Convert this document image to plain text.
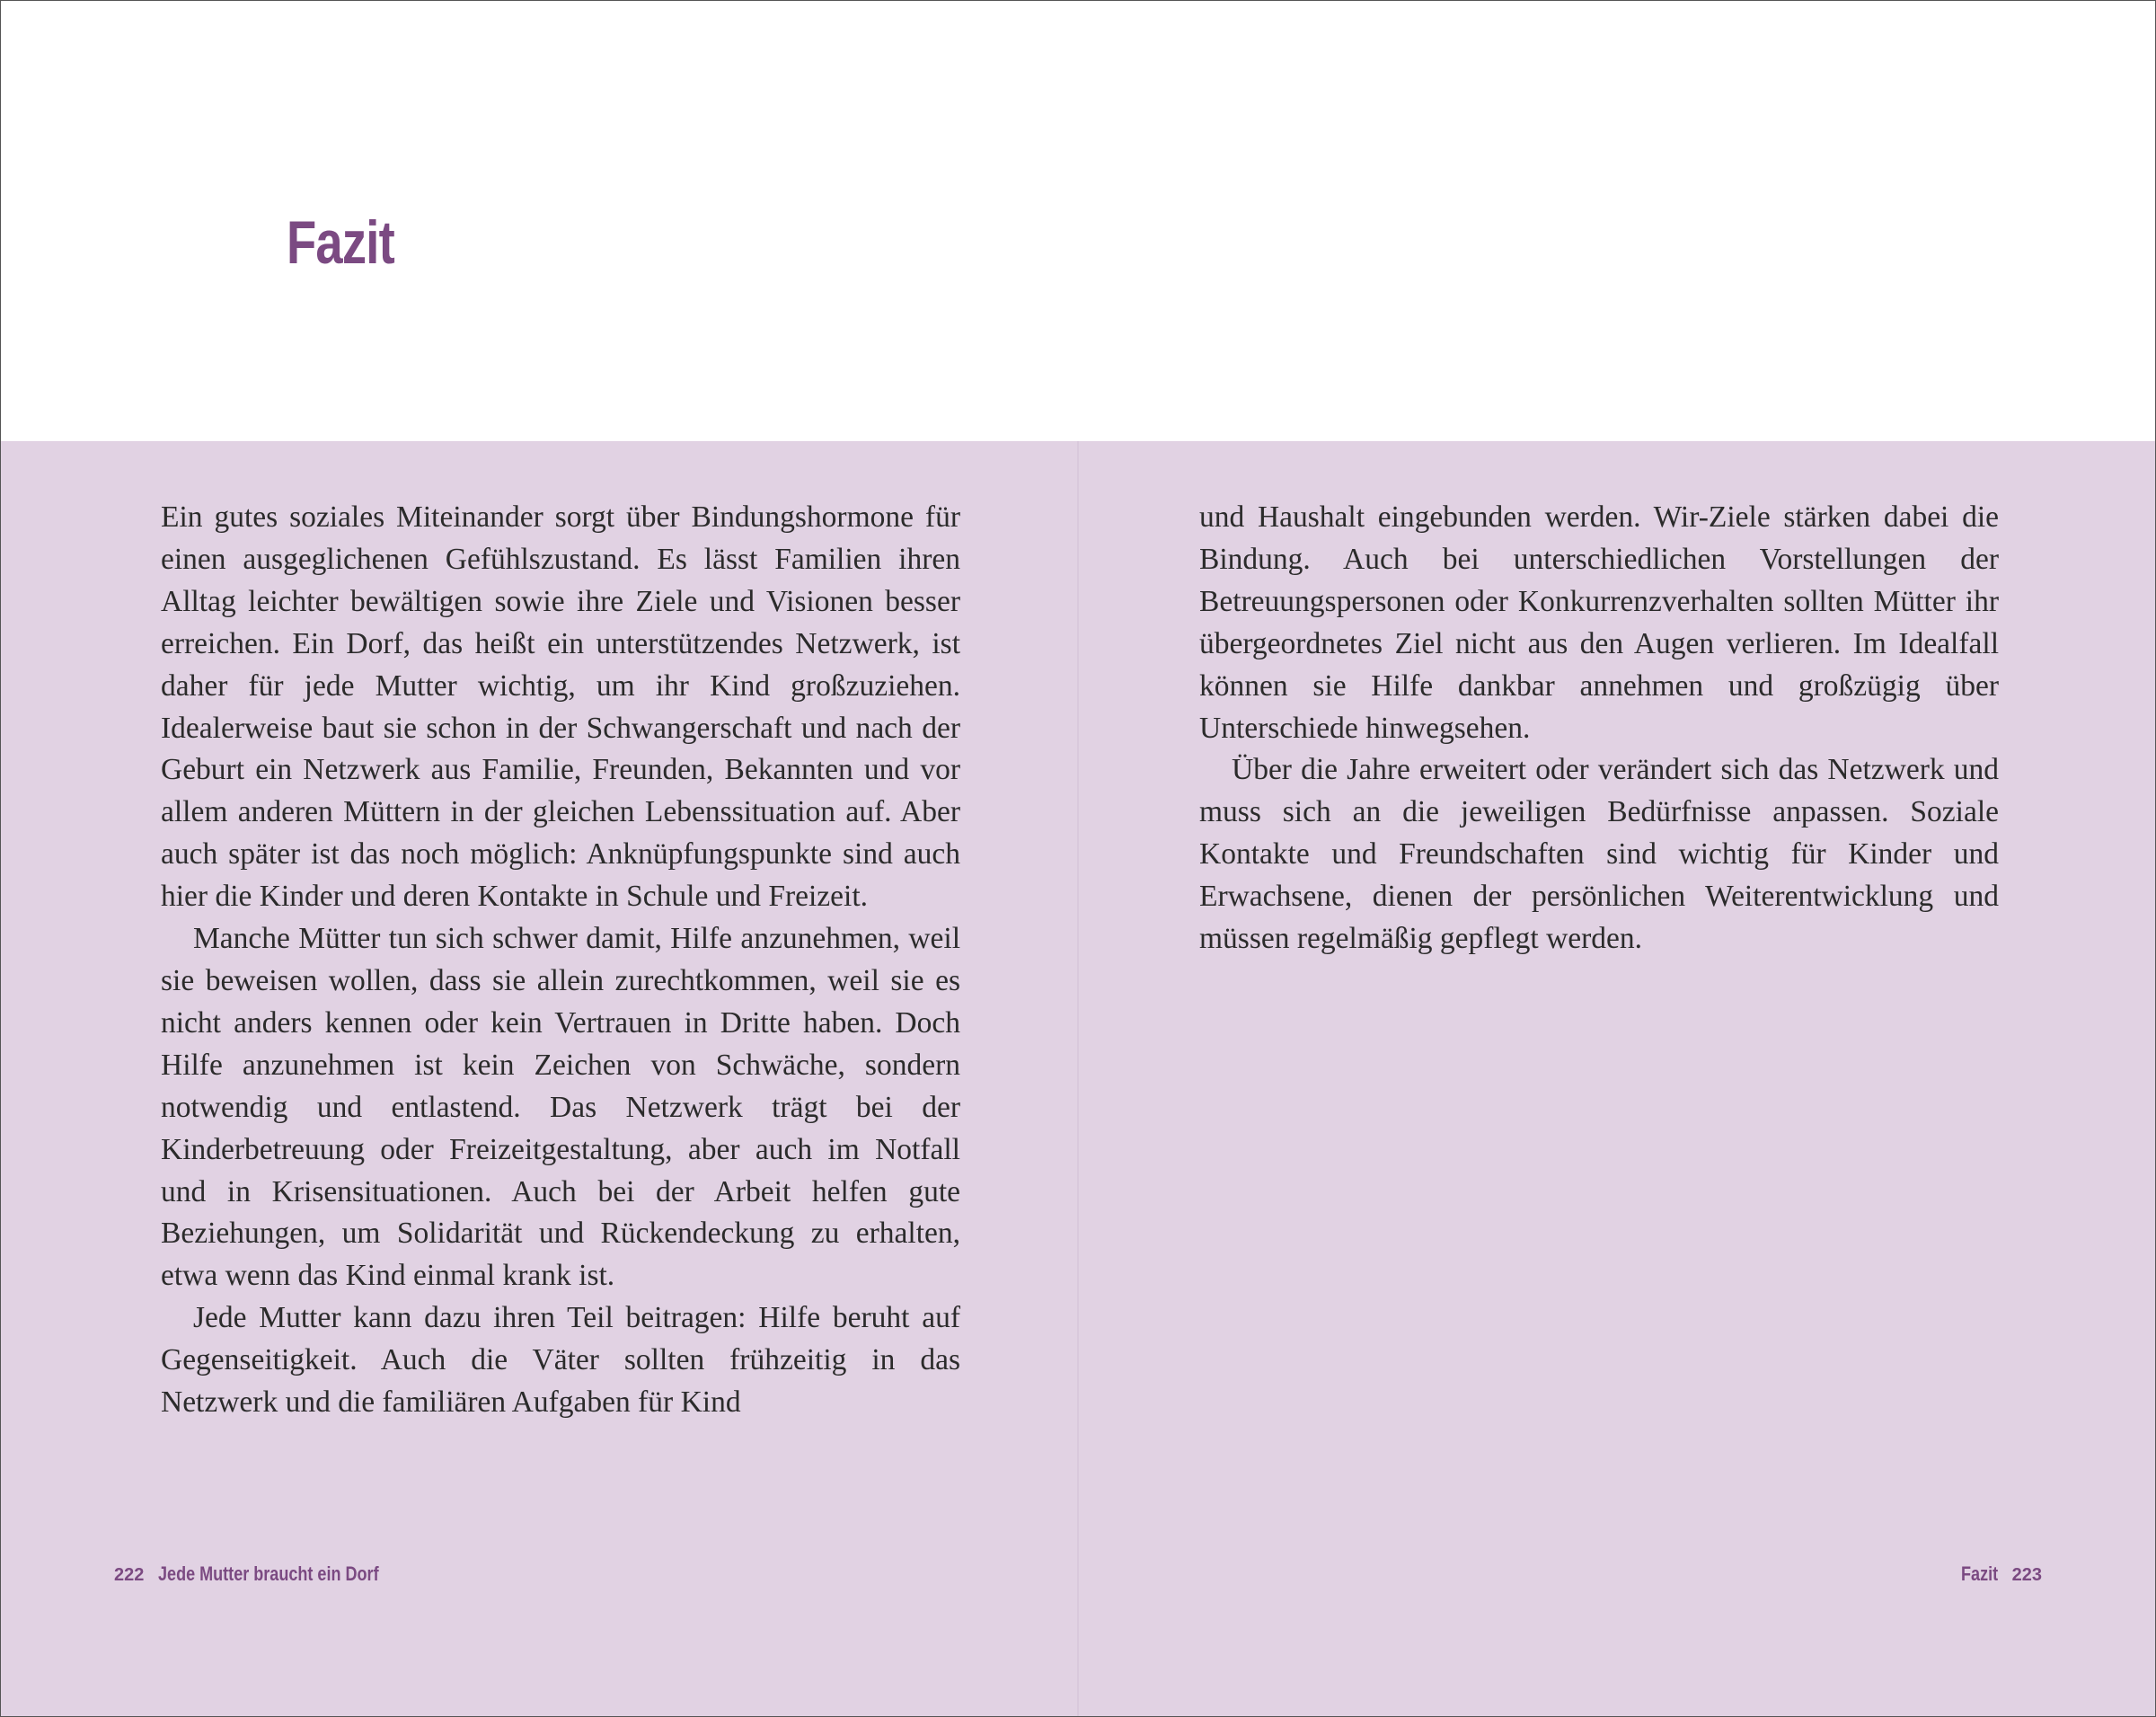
Fazit

Ein gutes soziales Miteinander sorgt über Bindungshormone für einen ausgeglichenen Gefühlszustand. Es lässt Familien ihren Alltag leichter bewältigen sowie ihre Ziele und Visionen besser erreichen. Ein Dorf, das heißt ein unterstützendes Netzwerk, ist daher für jede Mutter wichtig, um ihr Kind großzuziehen. Idealerweise baut sie schon in der Schwangerschaft und nach der Geburt ein Netzwerk aus Familie, Freunden, Bekannten und vor allem anderen Müttern in der gleichen Lebenssituation auf. Aber auch später ist das noch möglich: Anknüpfungspunkte sind auch hier die Kinder und deren Kontakte in Schule und Freizeit.

Manche Mütter tun sich schwer damit, Hilfe anzunehmen, weil sie beweisen wollen, dass sie allein zurechtkommen, weil sie es nicht anders kennen oder kein Vertrauen in Dritte haben. Doch Hilfe anzunehmen ist kein Zeichen von Schwäche, sondern notwendig und entlastend. Das Netzwerk trägt bei der Kinderbetreuung oder Freizeitgestaltung, aber auch im Notfall und in Krisensituationen. Auch bei der Arbeit helfen gute Beziehungen, um Solidarität und Rückendeckung zu erhalten, etwa wenn das Kind einmal krank ist.

Jede Mutter kann dazu ihren Teil beitragen: Hilfe beruht auf Gegenseitigkeit. Auch die Väter sollten frühzeitig in das Netzwerk und die familiären Aufgaben für Kind

und Haushalt eingebunden werden. Wir-Ziele stärken dabei die Bindung. Auch bei unterschiedlichen Vorstellungen der Betreuungspersonen oder Konkurrenzverhalten sollten Mütter ihr übergeordnetes Ziel nicht aus den Augen verlieren. Im Idealfall können sie Hilfe dankbar annehmen und großzügig über Unterschiede hinwegsehen.

Über die Jahre erweitert oder verändert sich das Netzwerk und muss sich an die jeweiligen Bedürfnisse anpassen. Soziale Kontakte und Freundschaften sind wichtig für Kinder und Erwachsene, dienen der persönlichen Weiterentwicklung und müssen regelmäßig gepflegt werden.

222 Jede Mutter braucht ein Dorf	Fazit 223
